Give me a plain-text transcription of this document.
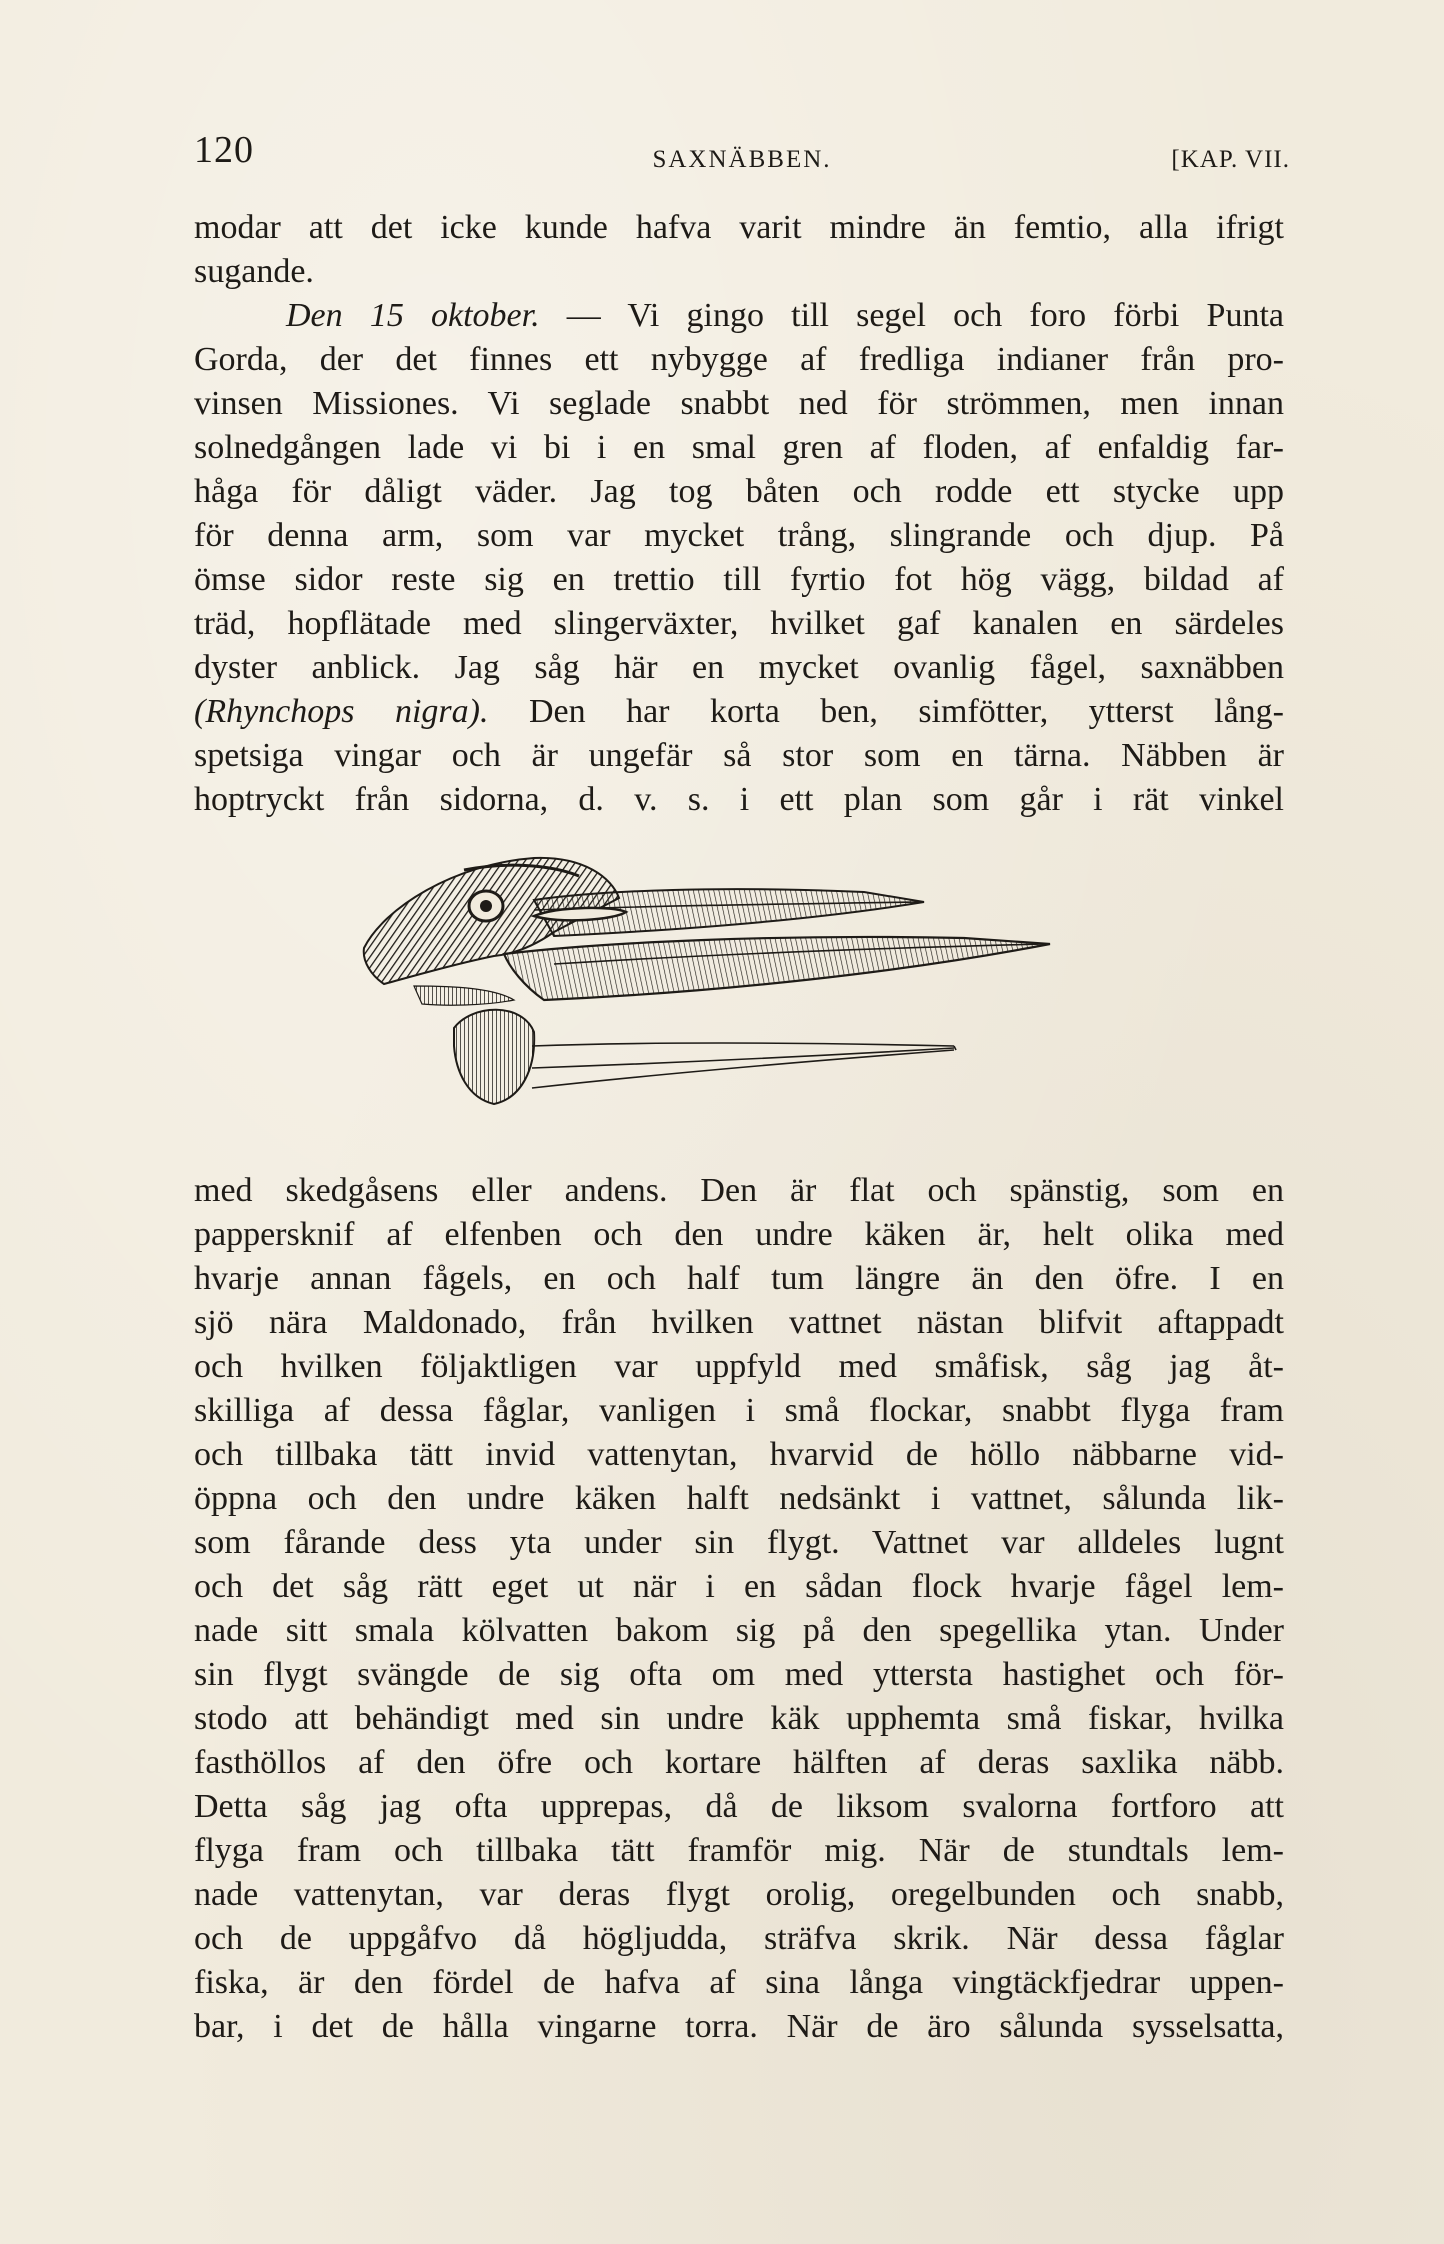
120	SAXNÄBBEN.	[KAP. VII.
modar att det icke kunde hafva varit mindre än femtio, alla ifrigt
sugande.
Den 15 oktober. — Vi gingo till segel och foro förbi Punta
Gorda, der det finnes ett nybygge af fredliga indianer från pro-
vinsen Missiones. Vi seglade snabbt ned för strömmen, men innan
solnedgången lade vi bi i en smal gren af floden, af enfaldig far-
håga för dåligt väder. Jag tog båten och rodde ett stycke upp
för denna arm, som var mycket trång, slingrande och djup. På
ömse sidor reste sig en trettio till fyrtio fot hög vägg, bildad af
träd, hopflätade med slingerväxter, hvilket gaf kanalen en särdeles
dyster anblick. Jag såg här en mycket ovanlig fågel, saxnäbben
(Rhynchops nigra). Den har korta ben, simfötter, ytterst lång-
spetsiga vingar och är ungefär så stor som en tärna. Näbben är
hoptryckt från sidorna, d. v. s. i ett plan som går i rät vinkel
med skedgåsens eller andens. Den är flat och spänstig, som en
pappersknif af elfenben och den undre käken är, helt olika med
hvarje annan fågels, en och half tum längre än den öfre. I en
sjö nära Maldonado, från hvilken vattnet nästan blifvit aftappadt
och hvilken följaktligen var uppfyld med småfisk, såg jag åt-
skilliga af dessa fåglar, vanligen i små flockar, snabbt flyga fram
och tillbaka tätt invid vattenytan, hvarvid de höllo näbbarne vid-
öppna och den undre käken halft nedsänkt i vattnet, sålunda lik-
som fårande dess yta under sin flygt. Vattnet var alldeles lugnt
och det såg rätt eget ut när i en sådan flock hvarje fågel lem-
nade sitt smala kölvatten bakom sig på den spegellika ytan. Under
sin flygt svängde de sig ofta om med yttersta hastighet och för-
stodo att behändigt med sin undre käk upphemta små fiskar, hvilka
fasthöllos af den öfre och kortare hälften af deras saxlika näbb.
Detta såg jag ofta upprepas, då de liksom svalorna fortforo att
flyga fram och tillbaka tätt framför mig. När de stundtals lem-
nade vattenytan, var deras flygt orolig, oregelbunden och snabb,
och de uppgåfvo då högljudda, sträfva skrik. När dessa fåglar
fiska, är den fördel de hafva af sina långa vingtäckfjedrar uppen-
bar, i det de hålla vingarne torra. När de äro sålunda sysselsatta,
